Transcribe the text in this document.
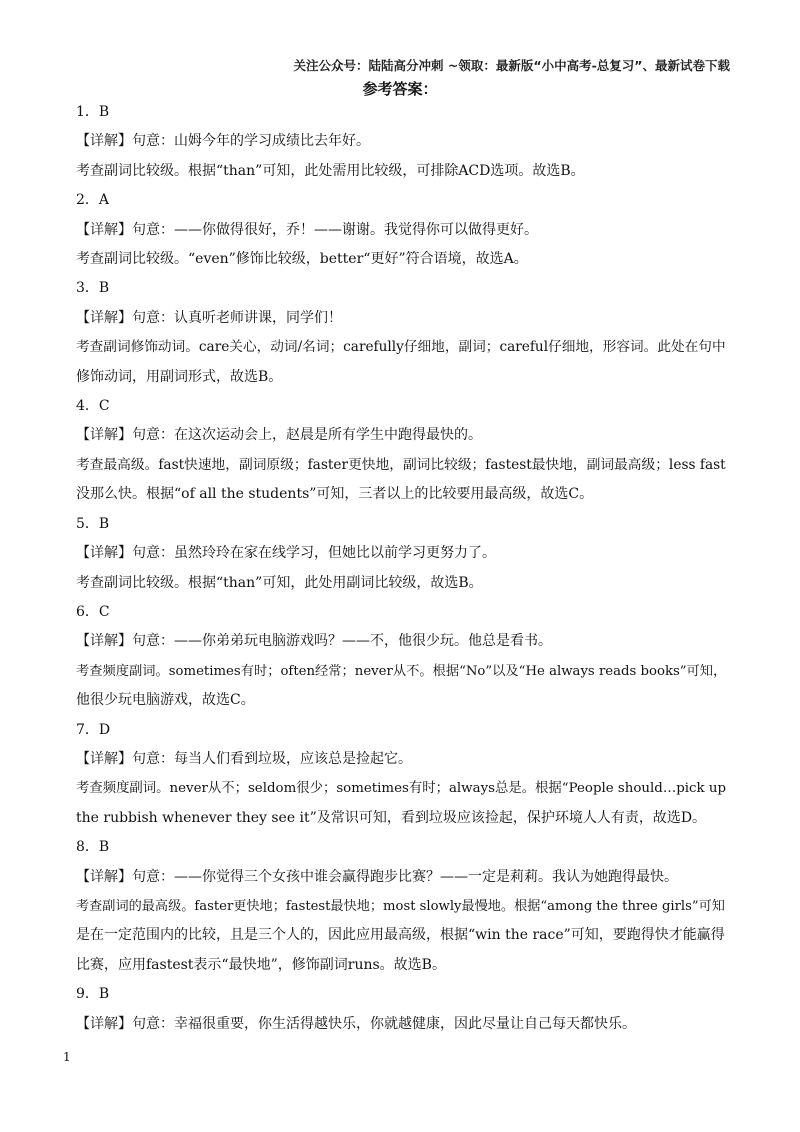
关注公众号：陆陆高分冲刺 ~领取：最新版“小中高考-总复习”、最新试卷下载
参考答案：
1．B
【详解】句意：山姆今年的学习成绩比去年好。
考查副词比较级。根据“than”可知，此处需用比较级，可排除ACD选项。故选B。
2．A
【详解】句意：——你做得很好，乔！——谢谢。我觉得你可以做得更好。
考查副词比较级。“even”修饰比较级，better“更好”符合语境，故选A。
3．B
【详解】句意：认真听老师讲课，同学们！
考查副词修饰动词。care关心，动词/名词；carefully仔细地，副词；careful仔细地，形容词。此处在句中
修饰动词，用副词形式，故选B。
4．C
【详解】句意：在这次运动会上，赵晨是所有学生中跑得最快的。
考查最高级。fast快速地，副词原级；faster更快地，副词比较级；fastest最快地，副词最高级；less fast
没那么快。根据“of all the students”可知，三者以上的比较要用最高级，故选C。
5．B
【详解】句意：虽然玲玲在家在线学习，但她比以前学习更努力了。
考查副词比较级。根据“than”可知，此处用副词比较级，故选B。
6．C
【详解】句意：——你弟弟玩电脑游戏吗？——不，他很少玩。他总是看书。
考查频度副词。sometimes有时；often经常；never从不。根据“No”以及“He always reads books”可知，
他很少玩电脑游戏，故选C。
7．D
【详解】句意：每当人们看到垃圾，应该总是捡起它。
考查频度副词。never从不；seldom很少；sometimes有时；always总是。根据“People should…pick up
the rubbish whenever they see it”及常识可知，看到垃圾应该捡起，保护环境人人有责，故选D。
8．B
【详解】句意：——你觉得三个女孩中谁会赢得跑步比赛？——一定是莉莉。我认为她跑得最快。
考查副词的最高级。faster更快地；fastest最快地；most slowly最慢地。根据“among the three girls”可知
是在一定范围内的比较，且是三个人的，因此应用最高级，根据“win the race”可知，要跑得快才能赢得
比赛，应用fastest表示“最快地”，修饰副词runs。故选B。
9．B
【详解】句意：幸福很重要，你生活得越快乐，你就越健康，因此尽量让自己每天都快乐。
1
